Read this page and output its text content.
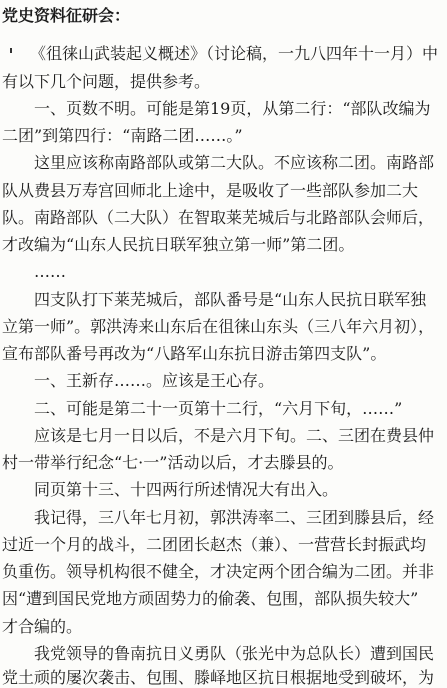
党史资料征研会：
《徂徕山武装起义概述》（讨论稿，一九八四年十一月）中
有以下几个问题，提供参考。
一、页数不明。可能是第19页，从第二行：“部队改编为
二团”到第四行：“南路二团……。”
这里应该称南路部队或第二大队。不应该称二团。南路部
队从费县万寿宫回师北上途中，是吸收了一些部队参加二大
队。南路部队（二大队）在智取莱芜城后与北路部队会师后，
才改编为“山东人民抗日联军独立第一师”第二团。
……
四支队打下莱芜城后，部队番号是“山东人民抗日联军独
立第一师”。郭洪涛来山东后在徂徕山东头（三八年六月初），
宣布部队番号再改为“八路军山东抗日游击第四支队”。
一、王新存……。应该是王心存。
二、可能是第二十一页第十二行，“六月下旬，……”
应该是七月一日以后，不是六月下旬。二、三团在费县仲
村一带举行纪念“七·一”活动以后，才去滕县的。
同页第十三、十四两行所述情况大有出入。
我记得，三八年七月初，郭洪涛率二、三团到滕县后，经
过近一个月的战斗，二团团长赵杰（兼）、一营营长封振武均
负重伤。领导机构很不健全，才决定两个团合编为二团。并非
因“遭到国民党地方顽固势力的偷袭、包围，部队损失较大”
才合编的。
我党领导的鲁南抗日义勇队（张光中为总队长）遭到国民
党土顽的屡次袭击、包围、滕峄地区抗日根据地受到破坏，为
